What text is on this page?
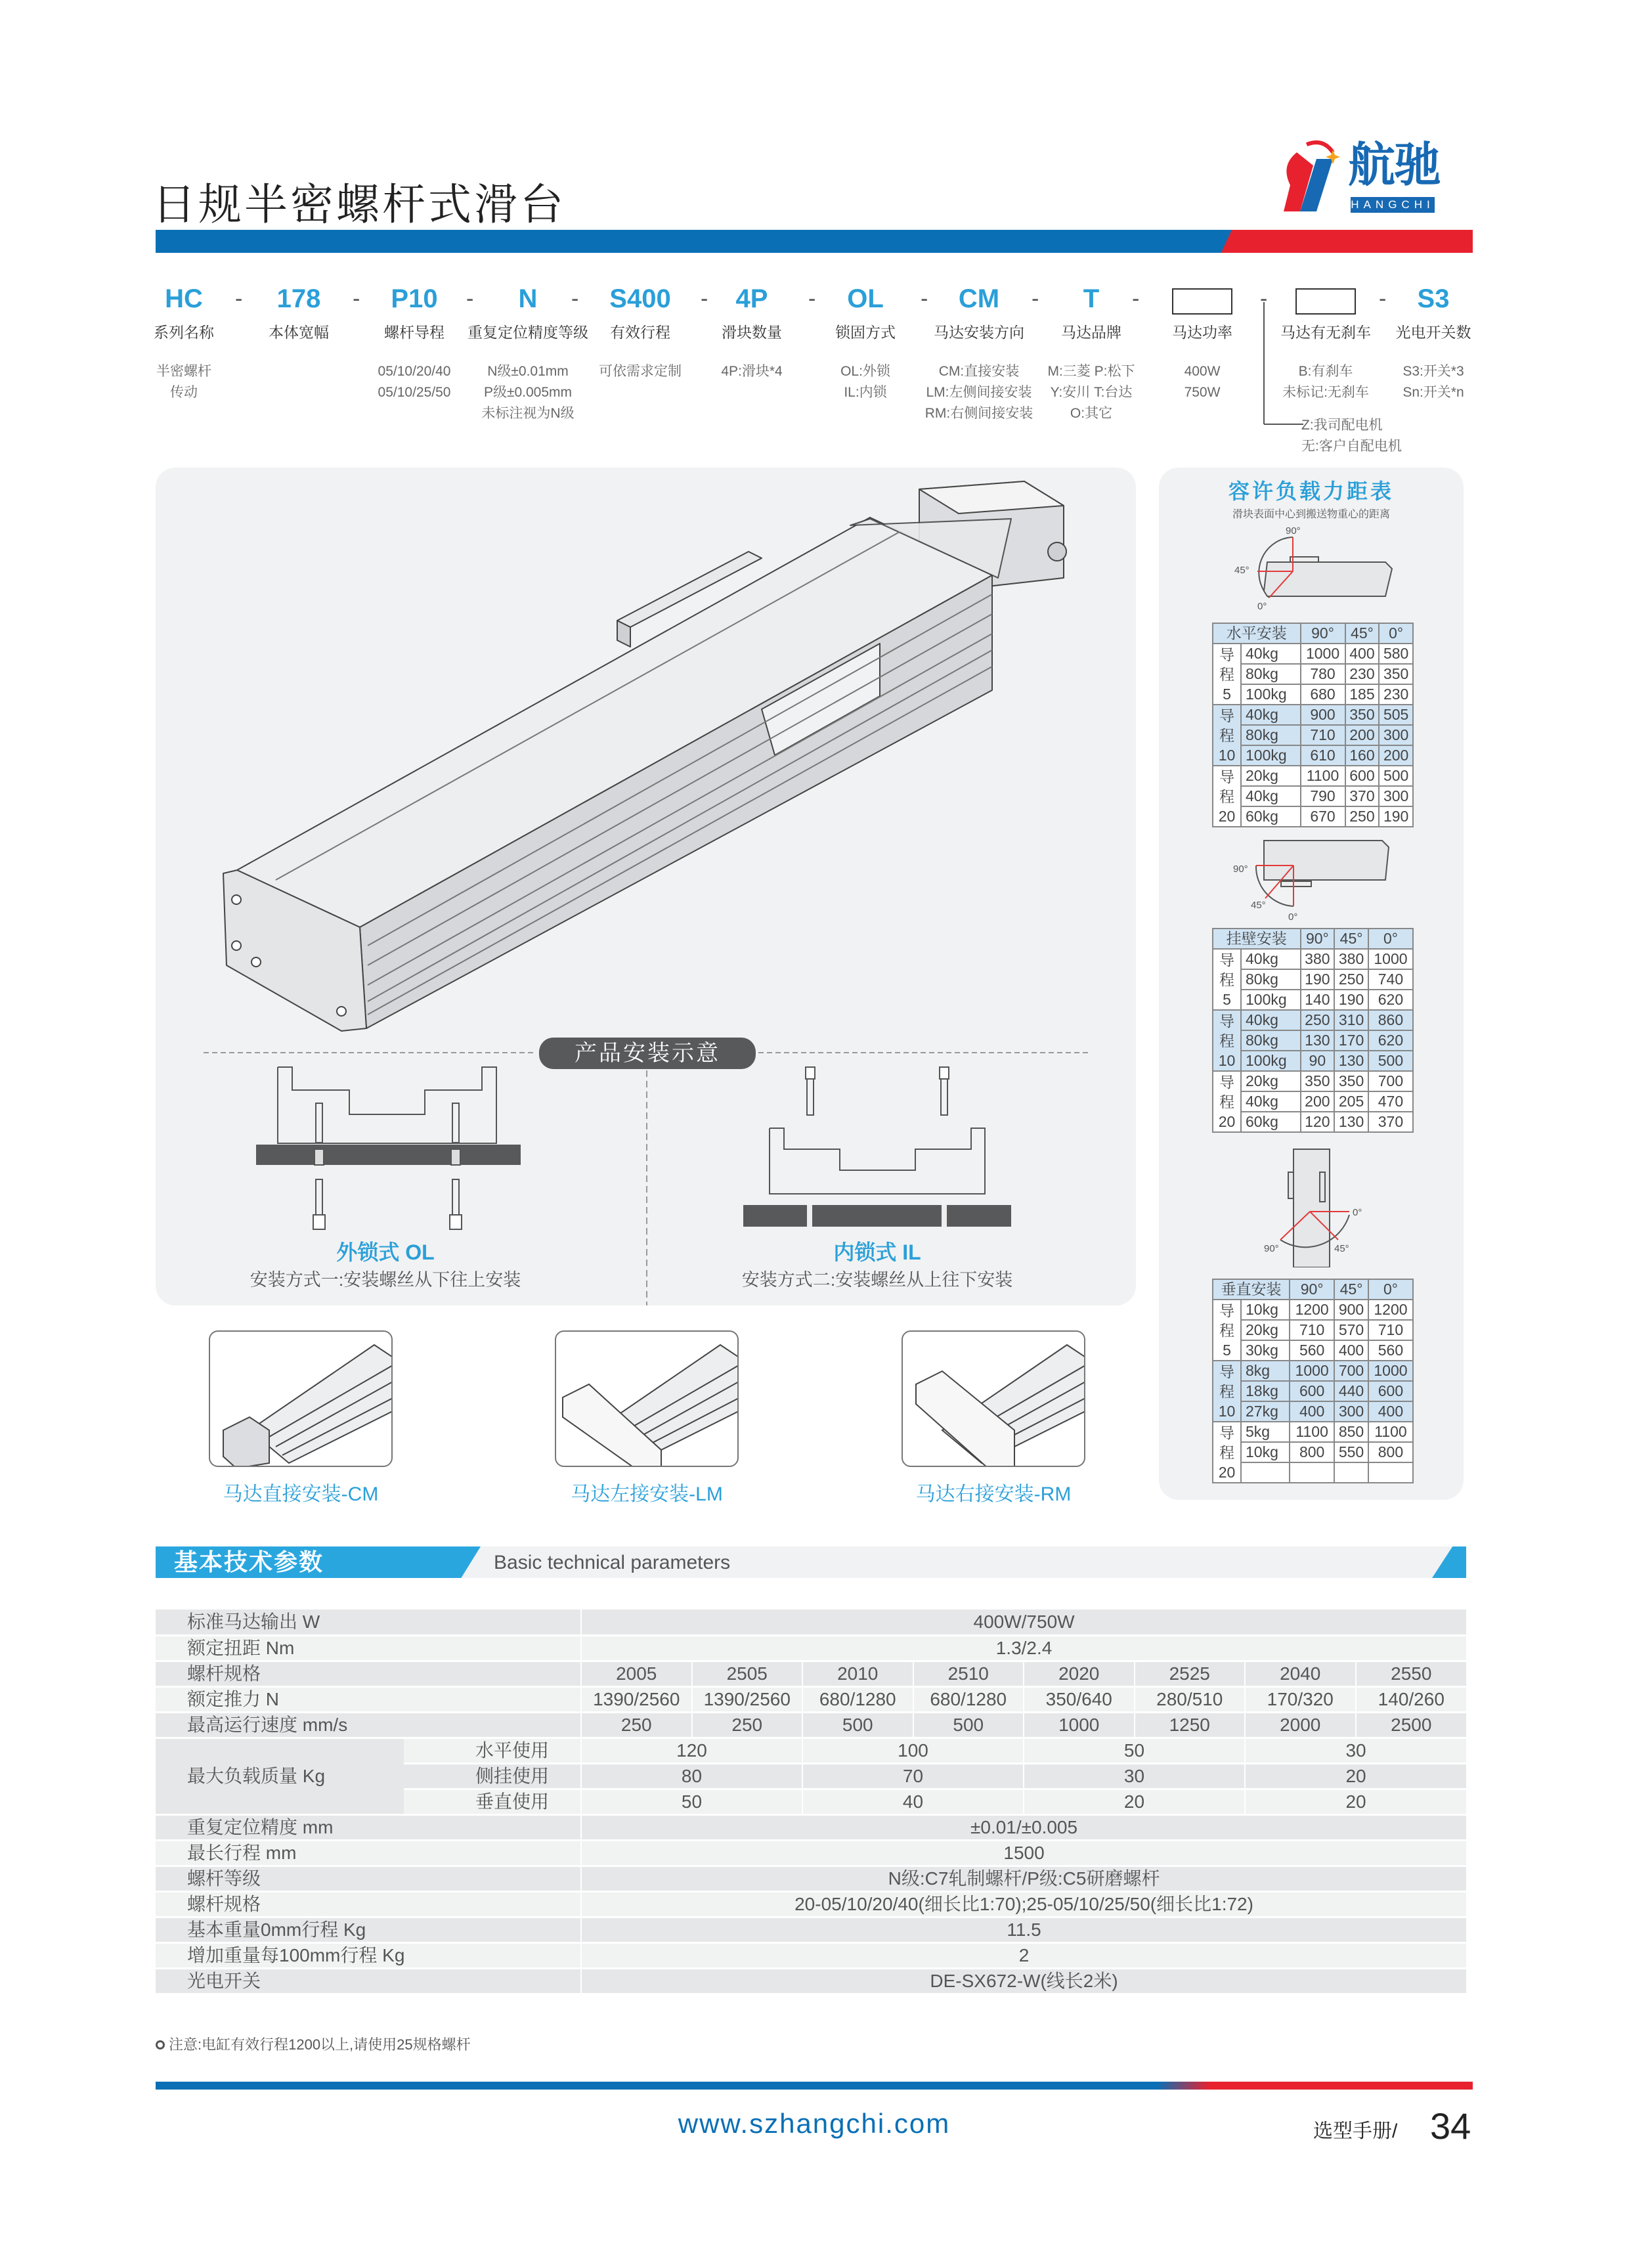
日规半密螺杆式滑台
航驰
HANGCHI
HC
系列名称
半密螺杆
传动
178
本体宽幅
P10
螺杆导程
05/10/20/40
05/10/25/50
N
重复定位精度等级
N级±0.01mm
P级±0.005mm
未标注视为N级
S400
有效行程
可依需求定制
4P
滑块数量
4P:滑块*4
OL
锁固方式
OL:外锁
IL:内锁
CM
马达安装方向
CM:直接安装
LM:左侧间接安装
RM:右侧间接安装
T
马达品牌
M:三菱 P:松下
Y:安川 T:台达
O:其它
马达功率
400W
750W
马达有无刹车
B:有刹车
未标记:无刹车
S3
光电开关数
S3:开关*3
Sn:开关*n
-	-	-	-	-	-	-	-	-	-	-
Z:我司配电机
无:客户自配电机
产品安装示意
外锁式 OL
安装方式一:安装螺丝从下往上安装
内锁式 IL
安装方式二:安装螺丝从上往下安装
马达直接安装-CM	马达左接安装-LM	马达右接安装-RM
容许负载力距表
滑块表面中心到搬送物重心的距离
90°
45°
0°
90°
45°
0°
0°
90°	45°
水平安装		90°	45°	0°

导
程
5	40kg	1000	400	580
	80kg	780	230	350
	100kg	680	185	230

导
程
10	40kg	900	350	505
	80kg	710	200	300
	100kg	610	160	200

导
程
20	20kg	1100	600	500
	40kg	790	370	300
	60kg	670	250	190
挂壁安装		90°	45°	0°

导
程
5	40kg	380	380	1000
	80kg	190	250	740
	100kg	140	190	620

导
程
10	40kg	250	310	860
	80kg	130	170	620
	100kg	90	130	500

导
程
20	20kg	350	350	700
	40kg	200	205	470
	60kg	120	130	370
垂直安装		90°	45°	0°

导
程
5	10kg	1200	900	1200
	20kg	710	570	710
	30kg	560	400	560

导
程
10	8kg	1000	700	1000
	18kg	600	440	600
	27kg	400	300	400

导
程
20	5kg	1100	850	1100
	10kg	800	550	800

基本技术参数	Basic technical parameters
标准马达输出 W		400W/750W							
额定扭距 Nm		1.3/2.4							
螺杆规格		2005	2505	2010	2510	2020	2525	2040	2550
额定推力 N		1390/2560	1390/2560	680/1280	680/1280	350/640	280/510	170/320	140/260
最高运行速度 mm/s		250	250	500	500	1000	1250	2000	2500
最大负载质量 Kg	水平使用	120		100		50		30	
	侧挂使用	80		70		30		20	
	垂直使用	50		40		20		20	
重复定位精度 mm		±0.01/±0.005							
最长行程 mm		1500							
螺杆等级		N级:C7轧制螺杆/P级:C5研磨螺杆							
螺杆规格		20-05/10/20/40(细长比1:70);25-05/10/25/50(细长比1:72)							
基本重量0mm行程 Kg		11.5							
增加重量每100mm行程 Kg		2							
光电开关		DE-SX672-W(线长2米)							
注意:电缸有效行程1200以上,请使用25规格螺杆
www.szhangchi.com	选型手册/ 34
